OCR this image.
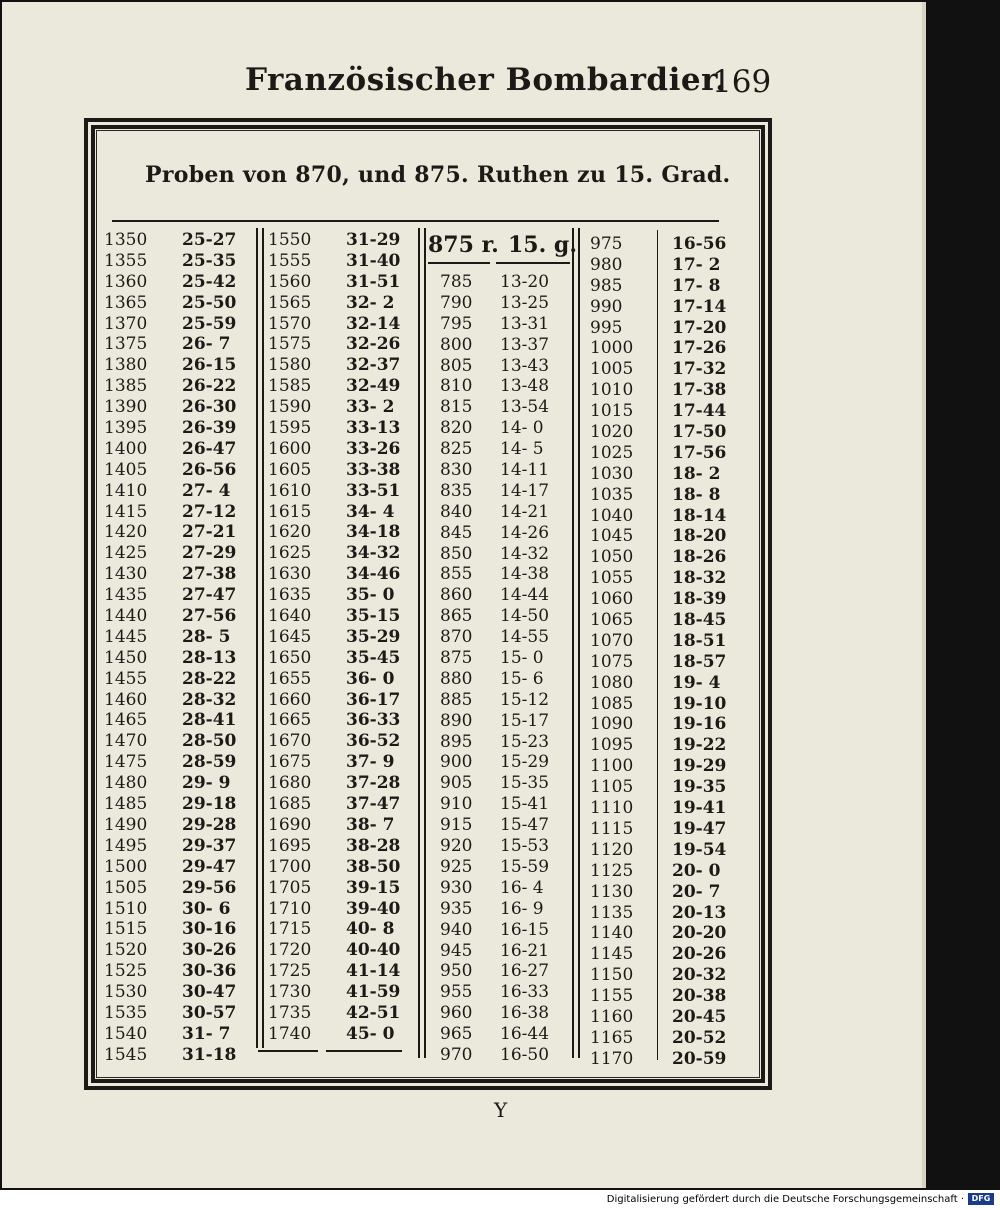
Französischer Bombardier.
169
Proben von 870, und 875. Ruthen zu 15. Grad.
875 r. 15. g.
1350
1355
1360
1365
1370
1375
1380
1385
1390
1395
1400
1405
1410
1415
1420
1425
1430
1435
1440
1445
1450
1455
1460
1465
1470
1475
1480
1485
1490
1495
1500
1505
1510
1515
1520
1525
1530
1535
1540
1545
25-27
25-35
25-42
25-50
25-59
26- 7
26-15
26-22
26-30
26-39
26-47
26-56
27- 4
27-12
27-21
27-29
27-38
27-47
27-56
28- 5
28-13
28-22
28-32
28-41
28-50
28-59
29- 9
29-18
29-28
29-37
29-47
29-56
30- 6
30-16
30-26
30-36
30-47
30-57
31- 7
31-18
1550
1555
1560
1565
1570
1575
1580
1585
1590
1595
1600
1605
1610
1615
1620
1625
1630
1635
1640
1645
1650
1655
1660
1665
1670
1675
1680
1685
1690
1695
1700
1705
1710
1715
1720
1725
1730
1735
1740
31-29
31-40
31-51
32- 2
32-14
32-26
32-37
32-49
33- 2
33-13
33-26
33-38
33-51
34- 4
34-18
34-32
34-46
35- 0
35-15
35-29
35-45
36- 0
36-17
36-33
36-52
37- 9
37-28
37-47
38- 7
38-28
38-50
39-15
39-40
40- 8
40-40
41-14
41-59
42-51
45- 0
785
790
795
800
805
810
815
820
825
830
835
840
845
850
855
860
865
870
875
880
885
890
895
900
905
910
915
920
925
930
935
940
945
950
955
960
965
970
13-20
13-25
13-31
13-37
13-43
13-48
13-54
14- 0
14- 5
14-11
14-17
14-21
14-26
14-32
14-38
14-44
14-50
14-55
15- 0
15- 6
15-12
15-17
15-23
15-29
15-35
15-41
15-47
15-53
15-59
16- 4
16- 9
16-15
16-21
16-27
16-33
16-38
16-44
16-50
975
980
985
990
995
1000
1005
1010
1015
1020
1025
1030
1035
1040
1045
1050
1055
1060
1065
1070
1075
1080
1085
1090
1095
1100
1105
1110
1115
1120
1125
1130
1135
1140
1145
1150
1155
1160
1165
1170
16-56
17- 2
17- 8
17-14
17-20
17-26
17-32
17-38
17-44
17-50
17-56
18- 2
18- 8
18-14
18-20
18-26
18-32
18-39
18-45
18-51
18-57
19- 4
19-10
19-16
19-22
19-29
19-35
19-41
19-47
19-54
20- 0
20- 7
20-13
20-20
20-26
20-32
20-38
20-45
20-52
20-59
Y
Digitalisierung gefördert durch die Deutsche Forschungsgemeinschaft · DFG
